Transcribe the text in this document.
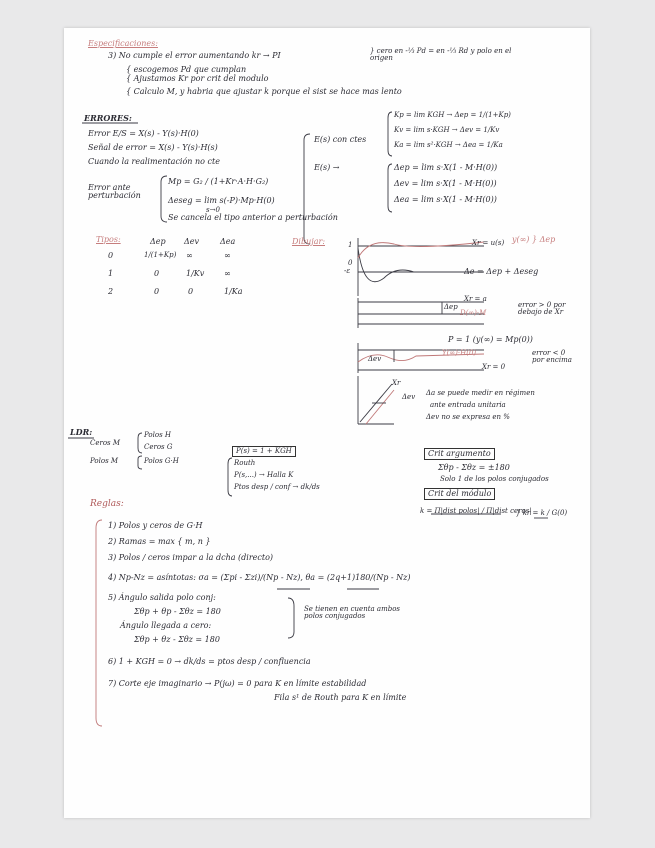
Especificaciones:
3) No cumple el error aumentando kr → PI	} cero en -⅓ Pd = en -⅓ Rd y polo en el origen
{ escogemos Pd que cumplan
{ Ajustamos Kr por crit del modulo
{ Calculo M, y habria que ajustar k porque el sist se hace mas lento
ERRORES:
Error E/S = X(s) - Y(s)·H(0)
Señal de error = X(s) - Y(s)·H(s)
Cuando la realimentación no cte
Error ante perturbación
Mp = G₂ / (1+Kr·A·H·G₂)
Δeseg = lim s(-P)·Mp·H(0)
s→0
Se cancela el tipo anterior a perturbación
E(s) con ctes
Kp = lim KGH → Δep = 1/(1+Kp)
Kv = lim s·KGH → Δev = 1/Kv
Ka = lim s²·KGH → Δea = 1/Ka
E(s) →	Δep = lim s·X(1 - M·H(0))
Δev = lim s·X(1 - M·H(0))
Δea = lim s·X(1 - M·H(0))
Tipos:	Δep Δev	Δea
0	1/(1+Kp) ∞	∞
1	0	1/Kv ∞
2	0	0	1/Ka
Dibujar:	1
0
-ε
Xr = u(s) y(∞) } Δep
Δe = Δep + Δeseg
Xr = a
Δep
D(∞)·M
error > 0 por debajo de Xr
P = 1 (y(∞) = Mp(0))
Y(∞)·H(0)
Δev
Xr = 0
error < 0 por encima
Xr
Δev Δa se puede medir en régimen
ante entrada unitaria
Δev no se expresa en %
LDR:
Ceros M
Polos M
Polos H
Ceros G
Polos G·H
P(s) = 1 + KGH
Routh
P(s,...) → Halla K
Ptos desp / conf → dk/ds
Crit argumento
Σθp - Σθz = ±180
Solo 1 de los polos conjugados
Crit del módulo
k = Π|dist polos| / Π|dist ceros|
} kr = k / G(0)
Reglas:
1) Polos y ceros de G·H
2) Ramas = max { m, n }
3) Polos / ceros impar a la dcha (directo)
4) Np-Nz = asíntotas: σa = (Σpi - Σzi)/(Np - Nz), θa = (2q+1)180/(Np - Nz)
5) Ángulo salida polo conj:
Σθp + θp - Σθz = 180
Ángulo llegada a cero:
Σθp + θz - Σθz = 180
Se tienen en cuenta ambos polos conjugados
6) 1 + KGH = 0 → dk/ds = ptos desp / confluencia
7) Corte eje imaginario → P(jω) = 0 para K en límite estabilidad
Fila s¹ de Routh para K en límite
